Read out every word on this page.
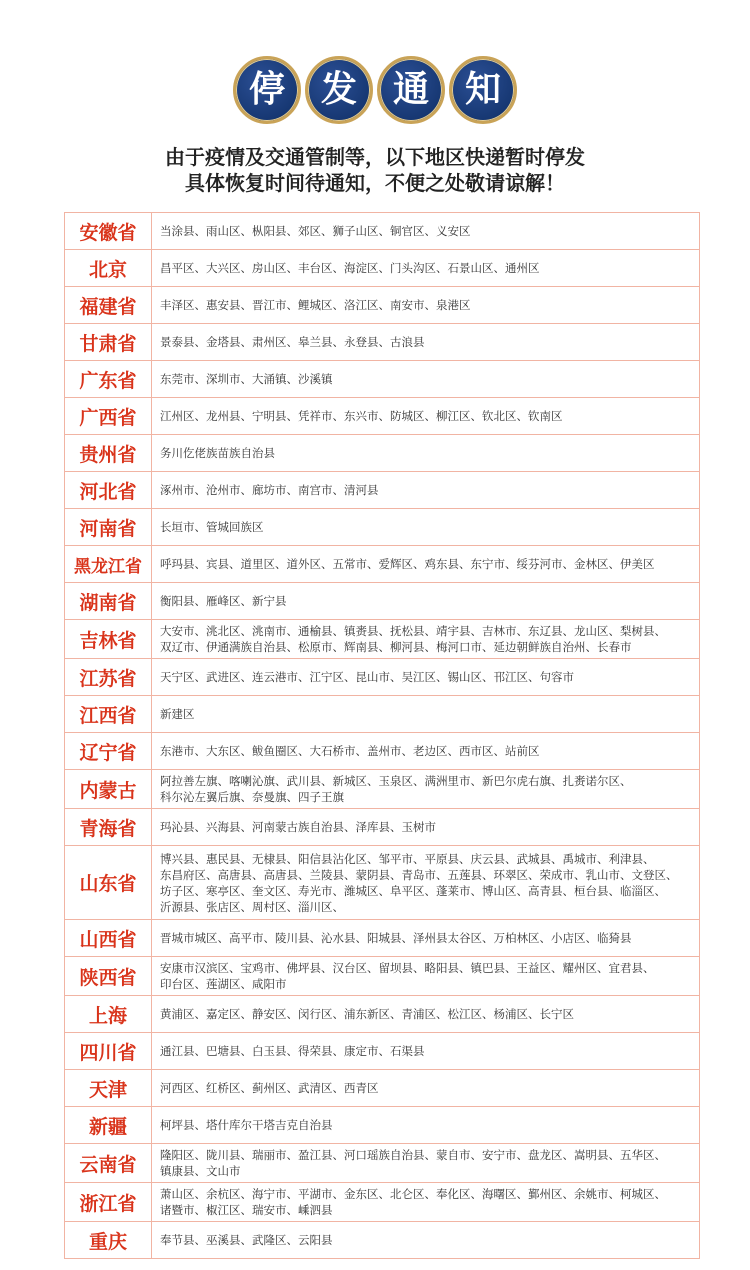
停 发 通 知
由于疫情及交通管制等，以下地区快递暂时停发
具体恢复时间待通知，不便之处敬请谅解！
安徽省	当涂县、雨山区、枞阳县、郊区、狮子山区、铜官区、义安区

北京	昌平区、大兴区、房山区、丰台区、海淀区、门头沟区、石景山区、通州区

福建省	丰泽区、惠安县、晋江市、鲤城区、洛江区、南安市、泉港区

甘肃省	景泰县、金塔县、肃州区、皋兰县、永登县、古浪县

广东省	东莞市、深圳市、大涌镇、沙溪镇

广西省	江州区、龙州县、宁明县、凭祥市、东兴市、防城区、柳江区、钦北区、钦南区

贵州省	务川仡佬族苗族自治县

河北省	涿州市、沧州市、廊坊市、南宫市、清河县

河南省	长垣市、管城回族区

黑龙江省	呼玛县、宾县、道里区、道外区、五常市、爱辉区、鸡东县、东宁市、绥芬河市、金林区、伊美区

湖南省	衡阳县、雁峰区、新宁县

吉林省	大安市、洮北区、洮南市、通榆县、镇赉县、抚松县、靖宇县、吉林市、东辽县、龙山区、梨树县、
双辽市、伊通满族自治县、松原市、辉南县、柳河县、梅河口市、延边朝鲜族自治州、长春市

江苏省	天宁区、武进区、连云港市、江宁区、昆山市、吴江区、锡山区、邗江区、句容市

江西省	新建区

辽宁省	东港市、大东区、鲅鱼圈区、大石桥市、盖州市、老边区、西市区、站前区

内蒙古	阿拉善左旗、喀喇沁旗、武川县、新城区、玉泉区、满洲里市、新巴尔虎右旗、扎赉诺尔区、
科尔沁左翼后旗、奈曼旗、四子王旗

青海省	玛沁县、兴海县、河南蒙古族自治县、泽库县、玉树市

山东省	博兴县、惠民县、无棣县、阳信县沾化区、邹平市、平原县、庆云县、武城县、禹城市、利津县、
东昌府区、高唐县、高唐县、兰陵县、蒙阴县、青岛市、五莲县、环翠区、荣成市、乳山市、文登区、
坊子区、寒亭区、奎文区、寿光市、潍城区、阜平区、蓬莱市、博山区、高青县、桓台县、临淄区、
沂源县、张店区、周村区、淄川区、

山西省	晋城市城区、高平市、陵川县、沁水县、阳城县、泽州县太谷区、万柏林区、小店区、临猗县

陕西省	安康市汉滨区、宝鸡市、佛坪县、汉台区、留坝县、略阳县、镇巴县、王益区、耀州区、宜君县、
印台区、莲湖区、咸阳市

上海	黄浦区、嘉定区、静安区、闵行区、浦东新区、青浦区、松江区、杨浦区、长宁区

四川省	通江县、巴塘县、白玉县、得荣县、康定市、石渠县

天津	河西区、红桥区、蓟州区、武清区、西青区

新疆	柯坪县、塔什库尔干塔吉克自治县

云南省	隆阳区、陇川县、瑞丽市、盈江县、河口瑶族自治县、蒙自市、安宁市、盘龙区、嵩明县、五华区、
镇康县、文山市

浙江省	萧山区、余杭区、海宁市、平湖市、金东区、北仑区、奉化区、海曙区、鄞州区、余姚市、柯城区、
诸暨市、椒江区、瑞安市、嵊泗县

重庆	奉节县、巫溪县、武隆区、云阳县
